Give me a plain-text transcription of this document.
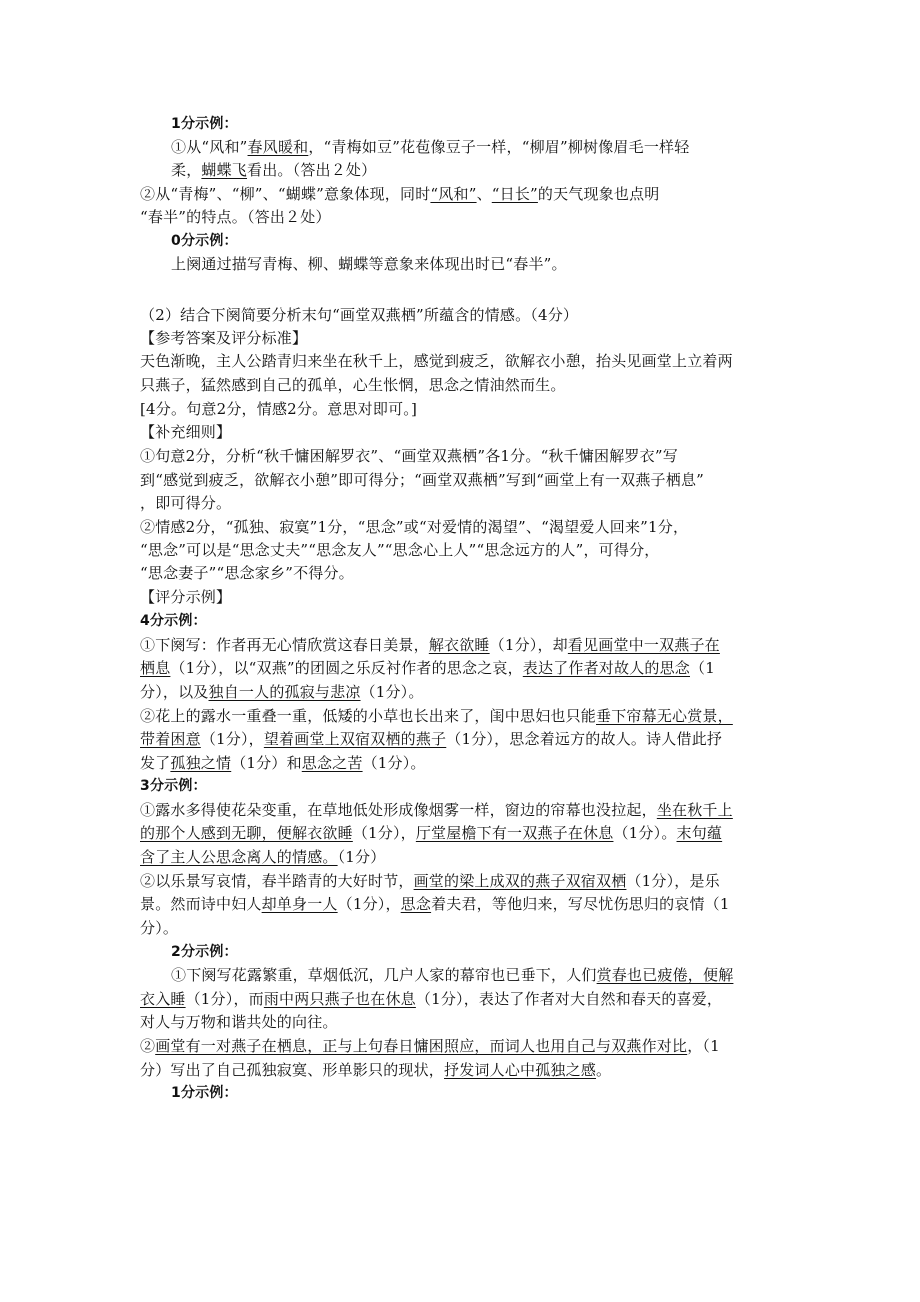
1分示例：
①从“风和”春风暖和，“青梅如豆”花苞像豆子一样，“柳眉”柳树像眉毛一样轻
柔，蝴蝶飞看出。（答出２处）
②从“青梅”、“柳”、“蝴蝶”意象体现，同时“风和”、“日长”的天气现象也点明
“春半”的特点。（答出２处）
0分示例：
上阕通过描写青梅、柳、蝴蝶等意象来体现出时已“春半”。
（2）结合下阕简要分析末句“画堂双燕栖”所蕴含的情感。（4分）
【参考答案及评分标准】
天色渐晚，主人公踏青归来坐在秋千上，感觉到疲乏，欲解衣小憩，抬头见画堂上立着两
只燕子，猛然感到自己的孤单，心生怅惘，思念之情油然而生。
[4分。句意2分，情感2分。意思对即可。]
【补充细则】
①句意2分，分析“秋千慵困解罗衣”、“画堂双燕栖”各1分。“秋千慵困解罗衣”写
到“感觉到疲乏，欲解衣小憩”即可得分；“画堂双燕栖”写到“画堂上有一双燕子栖息”
，即可得分。
②情感2分，“孤独、寂寞”1分，“思念”或“对爱情的渴望”、“渴望爱人回来”1分，
“思念”可以是“思念丈夫”“思念友人”“思念心上人”“思念远方的人”，可得分，
“思念妻子”“思念家乡”不得分。
【评分示例】
4分示例：
①下阕写：作者再无心情欣赏这春日美景，解衣欲睡（1分），却看见画堂中一双燕子在
栖息（1分），以“双燕”的团圆之乐反衬作者的思念之哀，表达了作者对故人的思念（1
分），以及独自一人的孤寂与悲凉（1分）。
②花上的露水一重叠一重，低矮的小草也长出来了，闺中思妇也只能垂下帘幕无心赏景，
带着困意（1分），望着画堂上双宿双栖的燕子（1分），思念着远方的故人。诗人借此抒
发了孤独之情（1分）和思念之苦（1分）。
3分示例：
①露水多得使花朵变重，在草地低处形成像烟雾一样，窗边的帘幕也没拉起，坐在秋千上
的那个人感到无聊，便解衣欲睡（1分），厅堂屋檐下有一双燕子在休息（1分）。末句蕴
含了主人公思念离人的情感。（1分）
②以乐景写哀情，春半踏青的大好时节，画堂的梁上成双的燕子双宿双栖（1分），是乐
景。然而诗中妇人却单身一人（1分），思念着夫君，等他归来，写尽忧伤思归的哀情（1
分）。
2分示例：
①下阕写花露繁重，草烟低沉，几户人家的幕帘也已垂下，人们赏春也已疲倦，便解
衣入睡（1分），而雨中两只燕子也在休息（1分），表达了作者对大自然和春天的喜爱，
对人与万物和谐共处的向往。
②画堂有一对燕子在栖息，正与上句春日慵困照应，而词人也用自己与双燕作对比，（1
分）写出了自己孤独寂寞、形单影只的现状，抒发词人心中孤独之感。
1分示例：
